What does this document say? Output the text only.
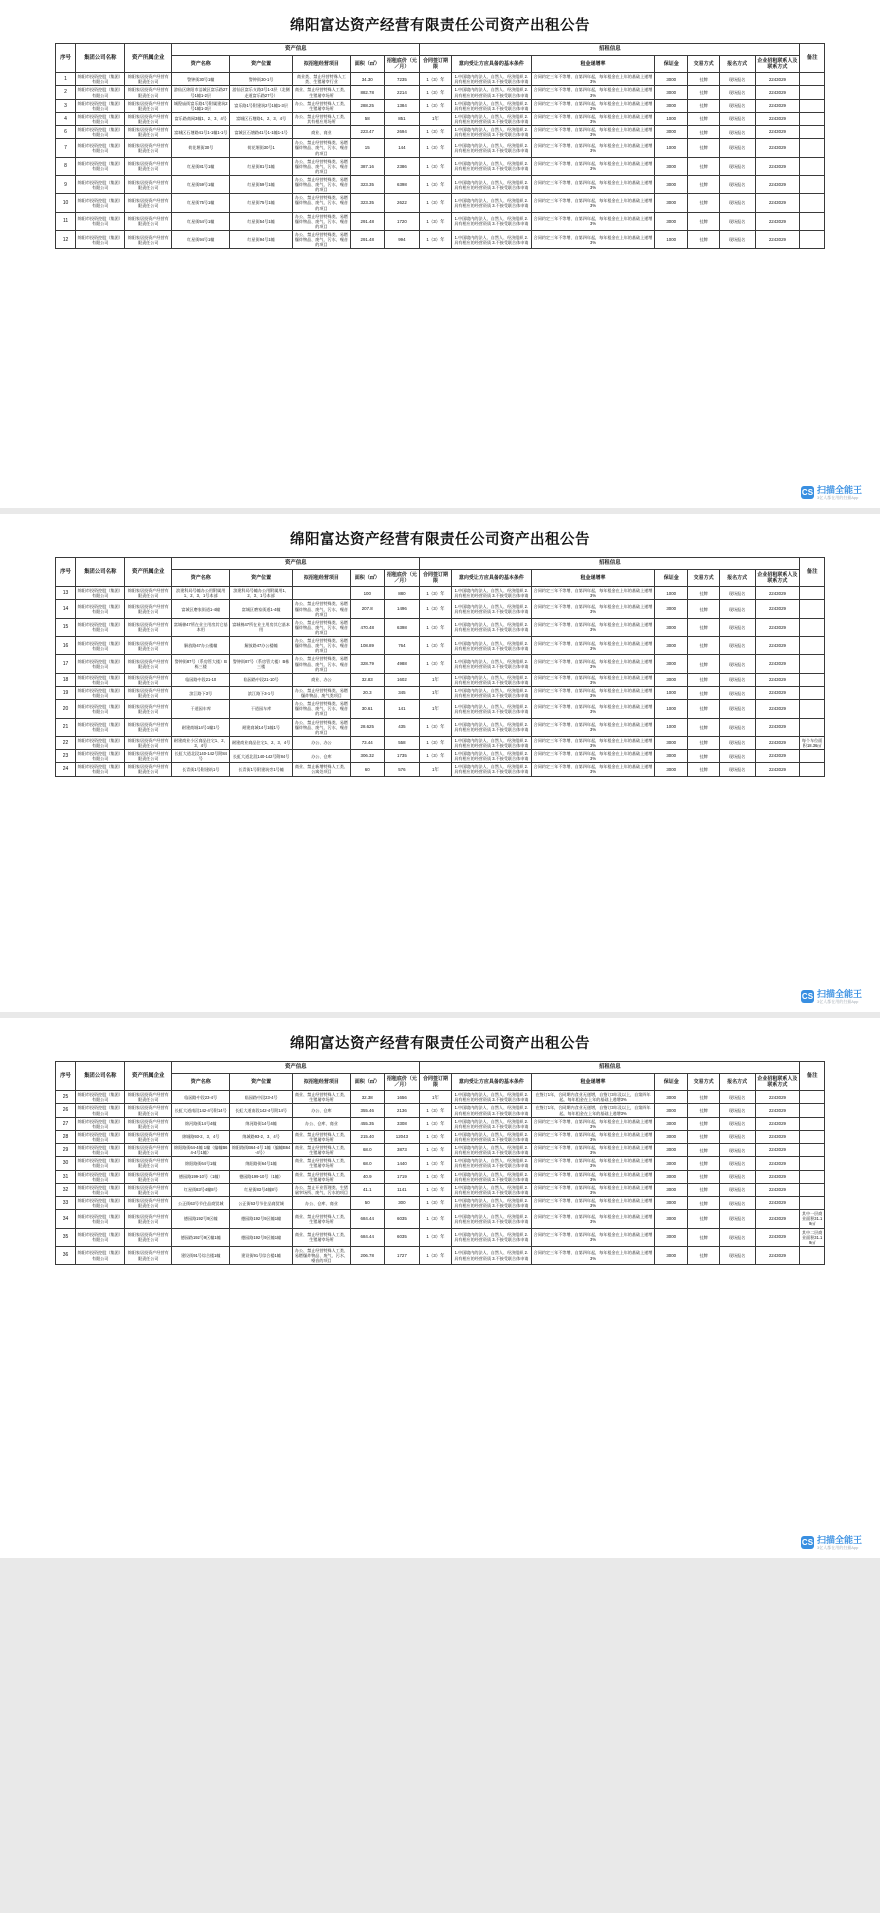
绵阳富达资产经营有限责任公司资产出租公告
序号	集团公司名称	资产所属企业	资产信息					招租信息							备注
			资产名称	资产位置	拟招租经营项目	面积（㎡）	招租底价（元／月）	合同签订期限	意向受让方应具备的基本条件	租金递增率	保证金	交易方式	报名方式	企业招租联系人及联系方式	

1	绵阳市投资控股（集团）有限公司	绵阳家居投资产经营有限责任公司	警钟街30号1幢	警钟街30-1号	商业类、禁止经营特殊人工类、生猪屠宰行业	34.30	7235	1（3）年	1.中国境内的法人、自然人、经济组织 2.具有相应的经营资质 3.不接受联合体申请	合同约定三年不等增、自第四年起，每年租金在上年的基础上递增3%	3000	挂牌	现场报名	2243029	
2	绵阳市投资控股（集团）有限公司	绵阳家居投资产经营有限责任公司	游仙区绵阳市涪城区富乐路27号1幢1-2层	游仙区富乐支路3号1-3层（北侧走道富乐路27号）	商业、禁止经营特殊人工类、生猪屠宰场所	882.78	2214	1（3）年	1.中国境内的法人、自然人、经济组织 2.具有相应的经营资质 3.不接受联合体申请	合同约定三年不等增、自第四年起，每年租金在上年的基础上递增3%	3000	挂牌	现场报名	2243029	
3	绵阳市投资控股（集团）有限公司	绵阳家居投资产经营有限责任公司	城隍庙街富乐路1号附属建筑2号1幢1-3层	富乐路1号附建筑2号1幢1-3层	办公、禁止经营特殊人工类、生猪屠宰场所	288.25	1384	1（3）年	1.中国境内的法人、自然人、经济组织 2.具有相应的经营资质 3.不接受联合体申请	合同约定三年不等增、自第四年起，每年租金在上年的基础上递增3%	3000	挂牌	现场报名	2243029	
4	绵阳市投资控股（集团）有限公司	绵阳家居投资产经营有限责任公司	富乐路商网3幢1、2、3、4号	富城区石塘路1、2、3、4号	办公、禁止经营特殊人工类、其有相应用场所	58	851	1年	1.中国境内的法人、自然人、经济组织 2.具有相应的经营资质 3.不接受联合体申请	合同约定三年不等增、自第四年起，每年租金在上年的基础上递增3%	1000	挂牌	现场报名	2243029	
6	绵阳市投资控股（集团）有限公司	绵阳家居投资产经营有限责任公司	富城区石塘路41号1-1幢1-1号	富城区石塘路41号1-1幢1-1号	商业、商业	223.47	2694	1（3）年	1.中国境内的法人、自然人、经济组织 2.具有相应的经营资质 3.不接受联合体申请	合同约定三年不等增、自第四年起，每年租金在上年的基础上递增3%	3000	挂牌	现场报名	2243029	
7	绵阳市投资控股（集团）有限公司	绵阳家居投资产经营有限责任公司	荷花堰街30号	荷花堰街30号1	办公、禁止经营特殊类、易燃爆炸物品、废气、污水、噪音的项目	15	144	1（3）年	1.中国境内的法人、自然人、经济组织 2.具有相应的经营资质 3.不接受联合体申请	合同约定三年不等增、自第四年起，每年租金在上年的基础上递增3%	1000	挂牌	现场报名	2243029	
8	绵阳市投资控股（集团）有限公司	绵阳家居投资产经营有限责任公司	红星街81号1幢	红星街81号1幢	办公、禁止经营特殊类、易燃爆炸物品、废气、污水、噪音的项目	387.16	2386	1（3）年	1.中国境内的法人、自然人、经济组织 2.具有相应的经营资质 3.不接受联合体申请	合同约定三年不等增、自第四年起，每年租金在上年的基础上递增3%	3000	挂牌	现场报名	2243029	
9	绵阳市投资控股（集团）有限公司	绵阳家居投资产经营有限责任公司	红星街59号1幢	红星街59号1幢	办公、禁止经营特殊类、易燃爆炸物品、废气、污水、噪音的项目	323.35	6398	1（3）年	1.中国境内的法人、自然人、经济组织 2.具有相应的经营资质 3.不接受联合体申请	合同约定三年不等增、自第四年起，每年租金在上年的基础上递增3%	3000	挂牌	现场报名	2243029	
10	绵阳市投资控股（集团）有限公司	绵阳家居投资产经营有限责任公司	红星街75号1幢	红星街75号1幢	办公、禁止经营特殊类、易燃爆炸物品、废气、污水、噪音的项目	323.35	2622	1（3）年	1.中国境内的法人、自然人、经济组织 2.具有相应的经营资质 3.不接受联合体申请	合同约定三年不等增、自第四年起，每年租金在上年的基础上递增3%	3000	挂牌	现场报名	2243029	
11	绵阳市投资控股（集团）有限公司	绵阳家居投资产经营有限责任公司	红星街54号1幢	红星街54号1幢	办公、禁止经营特殊类、易燃爆炸物品、废气、污水、噪音的项目	291.48	1720	1（3）年	1.中国境内的法人、自然人、经济组织 2.具有相应的经营资质 3.不接受联合体申请	合同约定三年不等增、自第四年起，每年租金在上年的基础上递增3%	3000	挂牌	现场报名	2243029	
12	绵阳市投资控股（集团）有限公司	绵阳家居投资产经营有限责任公司	红星街94号1幢	红星街94号1幢	办公、禁止经营特殊类、易燃爆炸物品、废气、污水、噪音的项目	291.48	994	1（3）年	1.中国境内的法人、自然人、经济组织 2.具有相应的经营资质 3.不接受联合体申请	合同约定三年不等增、自第四年起，每年租金在上年的基础上递增3%	1000	挂牌	现场报名	2243029	
CS 扫描全能王
3亿人都在用的扫描App
绵阳富达资产经营有限责任公司资产出租公告
序号	集团公司名称	资产所属企业	资产信息					招租信息							备注
			资产名称	资产位置	拟招租经营项目	面积（㎡）	招租底价（元／月）	合同签订期限	意向受让方应具备的基本条件	租金递增率	保证金	交易方式	报名方式	企业招租联系人及联系方式	

13	绵阳市投资控股（集团）有限公司	绵阳家居投资产经营有限责任公司	滨建科局号幢办公用附属用1、2、3、1号本部	滨建科局号幢办公用附属用1、2、3、1号本部		100	880	1（3）年	1.中国境内的法人、自然人、经济组织 2.具有相应的经营资质 3.不接受联合体申请	合同约定三年不等增、自第四年起，每年租金在上年的基础上递增3%	1000	挂牌	现场报名	2243029	
14	绵阳市投资控股（集团）有限公司	绵阳家居投资产经营有限责任公司	富城区磨家街道1-4幢	富城区磨家街道1-4幢	办公、禁止经营特殊类、易燃爆炸物品、废气、污水、噪音的项目	207.8	1496	1（3）年	1.中国境内的法人、自然人、经济组织 2.具有相应的经营资质 3.不接受联合体申请	合同约定三年不等增、自第四年起，每年租金在上年的基础上递增3%	3000	挂牌	现场报名	2243029	
15	绵阳市投资控股（集团）有限公司	绵阳家居投资产经营有限责任公司	富城棉47所在业主用房其它基本用	富城棉47所在业主用房其它基本用	办公、禁止经营特殊类、易燃爆炸物品、废气、污水、噪音的项目	470.48	6398	1（3）年	1.中国境内的法人、自然人、经济组织 2.具有相应的经营资质 3.不接受联合体申请	合同约定三年不等增、自第四年起，每年租金在上年的基础上递增3%	3000	挂牌	现场报名	2243029	
16	绵阳市投资控股（集团）有限公司	绵阳家居投资产经营有限责任公司	解放路47办公楼幢	解放路47办公楼幢	办公、禁止经营特殊类、易燃爆炸物品、废气、污水、噪音的项目	108.89	764	1（3）年	1.中国境内的法人、自然人、经济组织 2.具有相应的经营资质 3.不接受联合体申请	合同约定三年不等增、自第四年起，每年租金在上年的基础上递增3%	3000	挂牌	现场报名	2243029	
17	绵阳市投资控股（集团）有限公司	绵阳家居投资产经营有限责任公司	警钟街87号（系房管大楼）B栋三楼	警钟街87号（系房管大楼）B栋三楼	办公、禁止经营特殊类、易燃爆炸物品、废气、污水、噪音的项目	328.79	4988	1（3）年	1.中国境内的法人、自然人、经济组织 2.具有相应的经营资质 3.不接受联合体申请	合同约定三年不等增、自第四年起，每年租金在上年的基础上递增3%	3000	挂牌	现场报名	2243029	
18	绵阳市投资控股（集团）有限公司	绵阳家居投资产经营有限责任公司	临园路中段21-10	临园路中段21-10号	商业、办公	32.83	1602	1年	1.中国境内的法人、自然人、经济组织 2.具有相应的经营资质 3.不接受联合体申请	合同约定三年不等增、自第四年起，每年租金在上年的基础上递增3%	3000	挂牌	现场报名	2243029	
19	绵阳市投资控股（集团）有限公司	绵阳家居投资产经营有限责任公司	滨江路下3号	滨江路下3-1号	办公、禁止经营特殊类、易燃爆炸物品、废气类项目	20.3	345	1年	1.中国境内的法人、自然人、经济组织 2.具有相应的经营资质 3.不接受联合体申请	合同约定三年不等增、自第四年起，每年租金在上年的基础上递增3%	1000	挂牌	现场报名	2243029	
20	绵阳市投资控股（集团）有限公司	绵阳家居投资产经营有限责任公司	干道园车库	干道园车库	办公、禁止经营特殊类、易燃爆炸物品、废气、污水、噪音的项目	30.61	141	1年	1.中国境内的法人、自然人、经济组织 2.具有相应的经营资质 3.不接受联合体申请	合同约定三年不等增、自第四年起，每年租金在上年的基础上递增3%	1000	挂牌	现场报名	2243029	
21	绵阳市投资控股（集团）有限公司	绵阳家居投资产经营有限责任公司	耐建商城14号1幢1号	耐建商城14号1幢1号	办公、禁止经营特殊类、易燃爆炸物品、废气、污水、噪音的项目	28.625	435	1（3）年	1.中国境内的法人、自然人、经济组织 2.具有相应的经营资质 3.不接受联合体申请	合同约定三年不等增、自第四年起，每年租金在上年的基础上递增3%	1000	挂牌	现场报名	2243029	
22	绵阳市投资控股（集团）有限公司	绵阳家居投资产经营有限责任公司	耐建商业小区商品住宅1、2、3、4号	耐建商业商品住宅1、2、3、4号	办公、办公	73.44	558	1（3）年	1.中国境内的法人、自然人、经济组织 2.具有相应的经营资质 3.不接受联合体申请	合同约定三年不等增、自第四年起，每年租金在上年的基础上递增3%	3000	挂牌	现场报名	2243029	每个车位面积18.36㎡
23	绵阳市投资控股（集团）有限公司	绵阳家居投资产经营有限责任公司	长虹大道北段140-142号附84号	长虹大道北段140-142号附84号	办公、仓库	306.32	1735	1（3）年	1.中国境内的法人、自然人、经济组织 2.具有相应的经营资质 3.不接受联合体申请	合同约定三年不等增、自第四年起，每年租金在上年的基础上递增3%	3000	挂牌	现场报名	2243029	
24	绵阳市投资控股（集团）有限公司	绵阳家居投资产经营有限责任公司	长青街1号附建筑1号	长青街1号附建筑旁1号幢	商业、禁止新增特殊人工类、公寓处项目	60	576	1年	1.中国境内的法人、自然人、经济组织 2.具有相应的经营资质 3.不接受联合体申请	合同约定三年不等增、自第四年起，每年租金在上年的基础上递增3%	3000	挂牌	现场报名	2243029	
CS 扫描全能王
3亿人都在用的扫描App
绵阳富达资产经营有限责任公司资产出租公告
序号	集团公司名称	资产所属企业	资产信息					招租信息							备注
			资产名称	资产位置	拟招租经营项目	面积（㎡）	招租底价（元／月）	合同签订期限	意向受让方应具备的基本条件	租金递增率	保证金	交易方式	报名方式	企业招租联系人及联系方式	

25	绵阳市投资控股（集团）有限公司	绵阳家居投资产经营有限责任公司	临园路中段23-4号	临园路中段23-4号	商业、禁止经营特殊人工类、生猪屠宰场所	32.38	1656	1年	1.中国境内的法人、自然人、经济组织 2.具有相应的经营资质 3.不接受联合体申请	在签订1年，合同期内食业无递增，自签订3年及以上，自第四年起，每年租金在上年的基础上递增3%	3000	挂牌	现场报名	2243029	
26	绵阳市投资控股（集团）有限公司	绵阳家居投资产经营有限责任公司	长虹大道南段142-4号附14号	长虹大道南段142-4号附14号	办公、仓库	355.46	2136	1（3）年	1.中国境内的法人、自然人、经济组织 2.具有相应的经营资质 3.不接受联合体申请	在签订1年，合同期内食业无递增，自签订3年及以上，自第四年起，每年租金在上年的基础上递增3%	3000	挂牌	现场报名	2243029	
27	绵阳市投资控股（集团）有限公司	绵阳家居投资产经营有限责任公司	绵河路街14号4幢	绵河路街14号4幢	办公、仓库、商业	455.35	3308	1（3）年	1.中国境内的法人、自然人、经济组织 2.具有相应的经营资质 3.不接受联合体申请	合同约定三年不等增、自第四年起，每年租金在上年的基础上递增3%	3000	挂牌	现场报名	2243029	
28	绵阳市投资控股（集团）有限公司	绵阳家居投资产经营有限责任公司	绵城路93-2、3、4号	绵城路93-2、3、4号	商业、禁止经营特殊人工类、生猪屠宰场所	215.40	12043	1（3）年	1.中国境内的法人、自然人、经济组织 2.具有相应的经营资质 3.不接受联合体申请	合同约定三年不等增、自第四年起，每年租金在上年的基础上递增3%	3000	挂牌	现场报名	2243029	
29	绵阳市投资控股（集团）有限公司	绵阳家居投资产经营有限责任公司	绵阳路街64-4幢 1幢（编幢B64-4号1幢）	绵阳路街B64-4号 1幢（编幢B64-4号）	商业、禁止经营特殊人工类、生猪屠宰场所	68.0	3873	1（3）年	1.中国境内的法人、自然人、经济组织 2.具有相应的经营资质 3.不接受联合体申请	合同约定三年不等增、自第四年起，每年租金在上年的基础上递增3%	3000	挂牌	现场报名	2243029	
30	绵阳市投资控股（集团）有限公司	绵阳家居投资产经营有限责任公司	绵阳路街64号1幢	绵阳路街64号1幢	商业、禁止经营特殊人工类、生猪屠宰场所	68.0	1440	1（3）年	1.中国境内的法人、自然人、经济组织 2.具有相应的经营资质 3.不接受联合体申请	合同约定三年不等增、自第四年起，每年租金在上年的基础上递增3%	3000	挂牌	现场报名	2243029	
31	绵阳市投资控股（集团）有限公司	绵阳家居投资产经营有限责任公司	德园路199-10号（1幢）	德园路199-10号（1幢）	商业、禁止经营特殊人工类、生猪屠宰场所	40.9	1719	1（3）年	1.中国境内的法人、自然人、经济组织 2.具有相应的经营资质 3.不接受联合体申请	合同约定三年不等增、自第四年起，每年租金在上年的基础上递增3%	3000	挂牌	现场报名	2243029	
32	绵阳市投资控股（集团）有限公司	绵阳家居投资产经营有限责任公司	红星街83号4幢8号	红星街83号4幢8号	办公、禁止开业管理类、生猪屠宰场所、废气、污水的项目	41.1	1141	1（3）年	1.中国境内的法人、自然人、经济组织 2.具有相应的经营资质 3.不接受联合体申请	合同约定三年不等增、自第四年起，每年租金在上年的基础上递增3%	3000	挂牌	现场报名	2243029	
33	绵阳市投资控股（集团）有限公司	绵阳家居投资产经营有限责任公司	公正街63号节住品商贸城	公正街63号节住品商贸城	办公、仓库、商业	50	300	1（3）年	1.中国境内的法人、自然人、经济组织 2.具有相应的经营资质 3.不接受联合体申请	合同约定三年不等增、自第四年起，每年租金在上年的基础上递增3%	3000	挂牌	现场报名	2243029	
34	绵阳市投资控股（集团）有限公司	绵阳家居投资产经营有限责任公司	德园路192号9区幢	德园路192号9区幢1幢	商业、禁止经营特殊人工类、生猪屠宰场所	684.44	6035	1（3）年	1.中国境内的法人、自然人、经济组织 2.具有相应的经营资质 3.不接受联合体申请	合同约定三年不等增、自第四年起，每年租金在上年的基础上递增3%	3000	挂牌	现场报名	2243029	其中一层商业面积31.19㎡
35	绵阳市投资控股（集团）有限公司	绵阳家居投资产经营有限责任公司	德园路192号9区幢1幢	德园路192号9区幢1幢	商业、禁止经营特殊人工类、生猪屠宰场所	684.44	6035	1（3）年	1.中国境内的法人、自然人、经济组织 2.具有相应的经营资质 3.不接受联合体申请	合同约定三年不等增、自第四年起，每年租金在上年的基础上递增3%	3000	挂牌	现场报名	2243029	其中二层商业面积31.19㎡
36	绵阳市投资控股（集团）有限公司	绵阳家居投资产经营有限责任公司	建设街91号综合楼1幢	建设街91号综合楼1幢	办公、禁止经营特殊人工类、易燃爆炸物品、废气、污水、噪音的项目	206.78	1727	1（3）年	1.中国境内的法人、自然人、经济组织 2.具有相应的经营资质 3.不接受联合体申请	合同约定三年不等增、自第四年起，每年租金在上年的基础上递增3%	3000	挂牌	现场报名	2243029	
CS 扫描全能王
3亿人都在用的扫描App
